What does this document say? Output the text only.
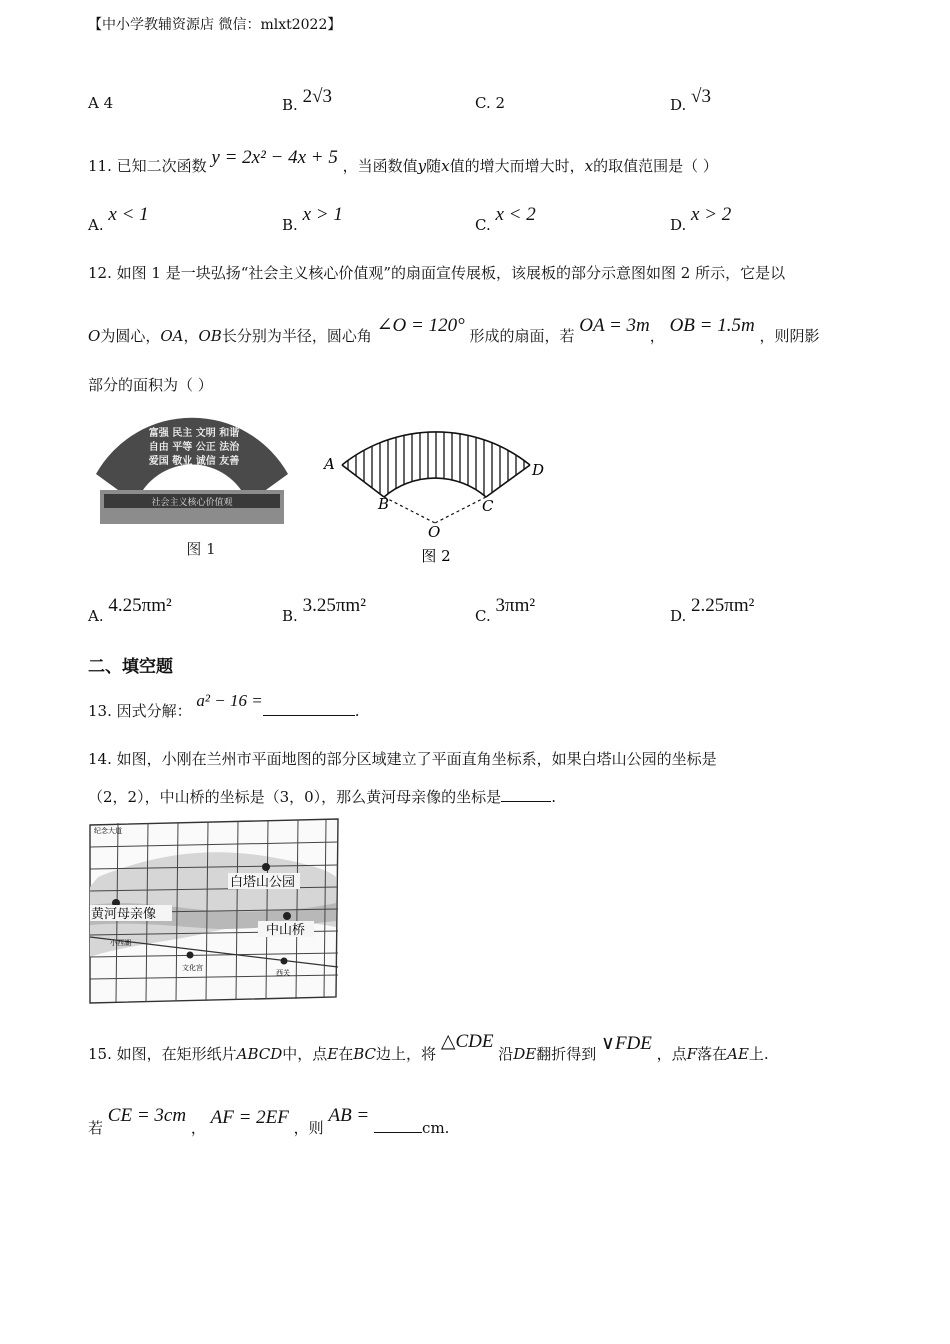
【中小学教辅资源店 微信：mlxt2022】
A 4	B. 2√3	C. 2	D. √3
11. 已知二次函数 y = 2x² − 4x + 5 ，当函数值y随x值的增大而增大时，x的取值范围是（ ）
A. x < 1	B. x > 1	C. x < 2	D. x > 2
12. 如图 1 是一块弘扬“社会主义核心价值观”的扇面宣传展板，该展板的部分示意图如图 2 所示，它是以
O为圆心，OA，OB长分别为半径，圆心角 ∠O = 120° 形成的扇面，若 OA = 3m， OB = 1.5m ，则阴影
部分的面积为（ ）
富强 民主 文明 和谐
自由 平等 公正 法治
爱国 敬业 诚信 友善
社会主义核心价值观
图 1
A	D
B	C
O
图 2
A. 4.25πm²	B. 3.25πm²	C. 3πm²	D. 2.25πm²
二、填空题
13. 因式分解： a² − 16 =.
14. 如图，小刚在兰州市平面地图的部分区域建立了平面直角坐标系，如果白塔山公园的坐标是
（2，2），中山桥的坐标是（3，0），那么黄河母亲像的坐标是	.
白塔山公园
黄河母亲像
中山桥
纪念大道
文化宫
西关
小西湖
15. 如图，在矩形纸片ABCD中，点E在BC边上，将 △CDE 沿DE翻折得到 ∨FDE ，点F落在AE上.
若 CE = 3cm ， AF = 2EF ，则 AB = cm.
